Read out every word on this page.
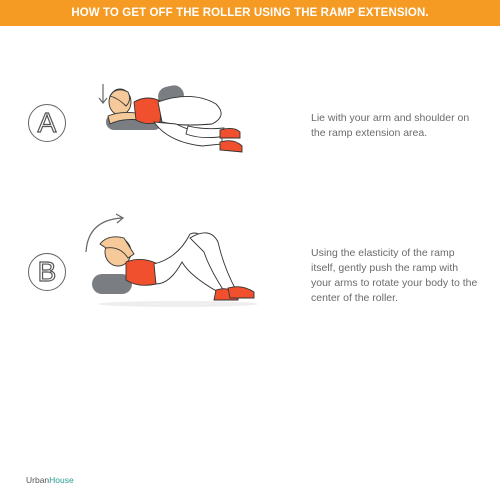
HOW TO GET OFF THE ROLLER USING THE RAMP EXTENSION.
A	Lie with your arm and shoulder on the ramp extension area.
B
Using the elasticity of the ramp itself, gently push the ramp with your arms to rotate your body to the center of the roller.
UrbanHouse
